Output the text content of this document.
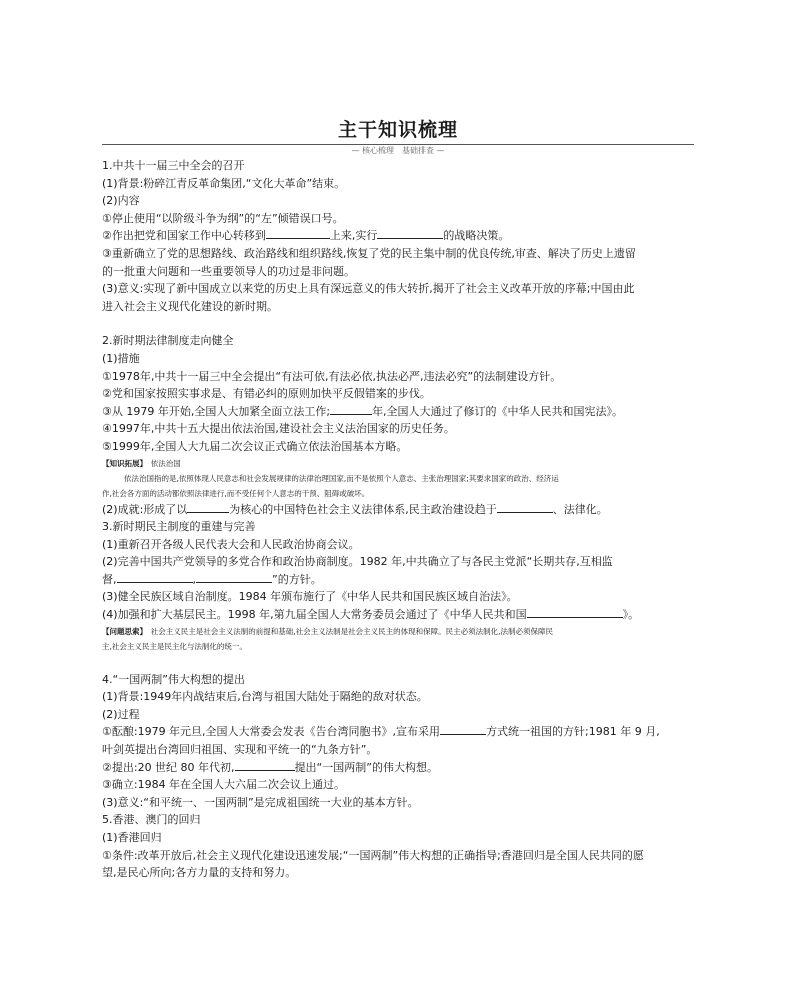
主干知识梳理
— 核心梳理　基础排查 —
1.中共十一届三中全会的召开
(1)背景:粉碎江青反革命集团,“文化大革命”结束。
(2)内容
①停止使用“以阶级斗争为纲”的“左”倾错误口号。
②作出把党和国家工作中心转移到	上来,实行	的战略决策。
③重新确立了党的思想路线、政治路线和组织路线,恢复了党的民主集中制的优良传统,审查、解决了历史上遗留
的一批重大问题和一些重要领导人的功过是非问题。
(3)意义:实现了新中国成立以来党的历史上具有深远意义的伟大转折,揭开了社会主义改革开放的序幕;中国由此
进入社会主义现代化建设的新时期。
2.新时期法律制度走向健全
(1)措施
①1978年,中共十一届三中全会提出“有法可依,有法必依,执法必严,违法必究”的法制建设方针。
②党和国家按照实事求是、有错必纠的原则加快平反假错案的步伐。
③从 1979 年开始,全国人大加紧全面立法工作;	年,全国人大通过了修订的《中华人民共和国宪法》。
④1997年,中共十五大提出依法治国,建设社会主义法治国家的历史任务。
⑤1999年,全国人大九届二次会议正式确立依法治国基本方略。
【知识拓展】　 依法治国
依法治国指的是,依照体现人民意志和社会发展规律的法律治理国家,而不是依照个人意志、主张治理国家;其要求国家的政治、经济运
作,社会各方面的活动都依照法律进行,而不受任何个人意志的干预、阻碍或破坏。
(2)成就:形成了以	为核心的中国特色社会主义法律体系,民主政治建设趋于	、法律化。
3.新时期民主制度的重建与完善
(1)重新召开各级人民代表大会和人民政治协商会议。
(2)完善中国共产党领导的多党合作和政治协商制度。1982 年,中共确立了与各民主党派“长期共存,互相监
督,	,	”的方针。
(3)健全民族区域自治制度。1984 年颁布施行了《中华人民共和国民族区域自治法》。
(4)加强和扩大基层民主。1998 年,第九届全国人大常务委员会通过了《中华人民共和国	》。
【问题思索】　 社会主义民主是社会主义法制的前提和基础,社会主义法制是社会主义民主的体现和保障。民主必须法制化,法制必须保障民
主,社会主义民主是民主化与法制化的统一。
4.“一国两制”伟大构想的提出
(1)背景:1949年内战结束后,台湾与祖国大陆处于隔绝的敌对状态。
(2)过程
①酝酿:1979 年元旦,全国人大常委会发表《告台湾同胞书》,宣布采用	方式统一祖国的方针;1981 年 9 月,
叶剑英提出台湾回归祖国、实现和平统一的“九条方针”。
②提出:20 世纪 80 年代初,	提出“一国两制”的伟大构想。
③确立:1984 年在全国人大六届二次会议上通过。
(3)意义:“和平统一、一国两制”是完成祖国统一大业的基本方针。
5.香港、澳门的回归
(1)香港回归
①条件:改革开放后,社会主义现代化建设迅速发展;“一国两制”伟大构想的正确指导;香港回归是全国人民共同的愿
望,是民心所向;各方力量的支持和努力。
